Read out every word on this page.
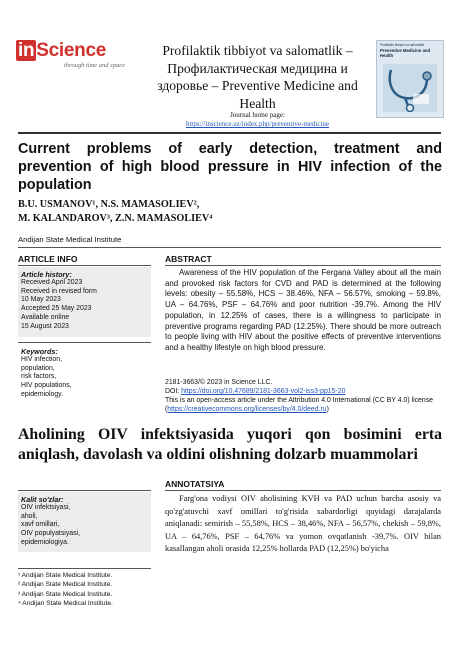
in Science
through time and space
Profilaktik tibbiyot va salomatlik – Профилактическая медицина и здоровье – Preventive Medicine and Health
Journal home page:
https://inscience.uz/index.php/preventive-medicine
Profilaktik tibbiyot va salomatlik
Preventive Medicine and Health
Current problems of early detection, treatment and prevention of high blood pressure in HIV infection of the population
B.U. USMANOV¹, N.S. MAMASOLIEV²,
M. KALANDAROV³, Z.N. MAMASOLIEV⁴
Andijan State Medical Institute
ARTICLE INFO
Article history:
Received April 2023
Received in revised form
10 May 2023
Accepted 25 May 2023
Available online
15 August 2023
Keywords:
HIV infection,
population,
risk factors,
HIV populations,
epidemiology.
ABSTRACT
Awareness of the HIV population of the Fergana Valley about all the main and provoked risk factors for CVD and PAD is determined at the following levels: obesity – 55.58%, HCS – 38.46%, NFA – 56.57%, smoking – 59.8%, UA – 64.76%, PSF – 64.76% and poor nutrition -39.7%. Among the HIV population, in 12.25% of cases, there is a willingness to participate in preventive programs regarding PAD (12.25%). There should be more outreach to people living with HIV about the positive effects of preventive interventions and a healthy lifestyle on high blood pressure.
2181-3663/© 2023 in Science LLC.
DOI: https://doi.org/10.47689/2181-3663-vol2-iss3-pp15-20
This is an open-access article under the Attribution 4.0 International (CC BY 4.0) license (https://creativecommons.org/licenses/by/4.0/deed.ru)
Aholining OIV infektsiyasida yuqori qon bosimini erta aniqlash, davolash va oldini olishning dolzarb muammolari
Kalit so'zlar:
OIV infektsiyasi,
aholi,
xavf omillari,
OIV populyatsiyasi,
epidemiologiya.
ANNOTATSIYA
Farg'ona vodiysi OIV aholisining KVH va PAD uchun barcha asosiy va qo'zg'atuvchi xavf omillari to'g'risida xabardorligi quyidagi darajalarda aniqlanadi: semirish – 55,58%, HCS – 38,46%, NFA – 56,57%, chekish – 59,8%, UA – 64,76%, PSF – 64,76% va yomon ovqatlanish -39,7%. OIV bilan kasallangan aholi orasida 12,25% hollarda PAD (12,25%) bo'yicha
¹ Andijan State Medical Institute.
² Andijan State Medical Institute.
³ Andijan State Medical Institute.
⁴ Andijan State Medical Institute.
